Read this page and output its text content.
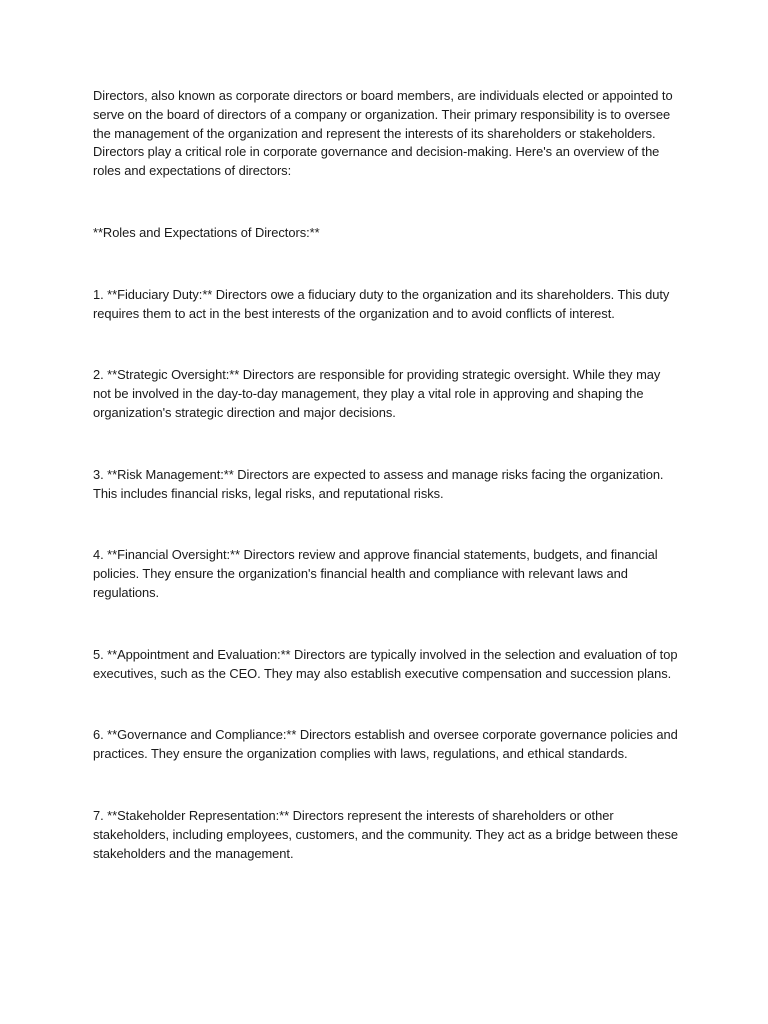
Directors, also known as corporate directors or board members, are individuals elected or appointed to serve on the board of directors of a company or organization. Their primary responsibility is to oversee the management of the organization and represent the interests of its shareholders or stakeholders. Directors play a critical role in corporate governance and decision-making. Here's an overview of the roles and expectations of directors:

**Roles and Expectations of Directors:**

1. **Fiduciary Duty:** Directors owe a fiduciary duty to the organization and its shareholders. This duty requires them to act in the best interests of the organization and to avoid conflicts of interest.

2. **Strategic Oversight:** Directors are responsible for providing strategic oversight. While they may not be involved in the day-to-day management, they play a vital role in approving and shaping the organization's strategic direction and major decisions.

3. **Risk Management:** Directors are expected to assess and manage risks facing the organization. This includes financial risks, legal risks, and reputational risks.

4. **Financial Oversight:** Directors review and approve financial statements, budgets, and financial policies. They ensure the organization's financial health and compliance with relevant laws and regulations.

5. **Appointment and Evaluation:** Directors are typically involved in the selection and evaluation of top executives, such as the CEO. They may also establish executive compensation and succession plans.

6. **Governance and Compliance:** Directors establish and oversee corporate governance policies and practices. They ensure the organization complies with laws, regulations, and ethical standards.

7. **Stakeholder Representation:** Directors represent the interests of shareholders or other stakeholders, including employees, customers, and the community. They act as a bridge between these stakeholders and the management.
